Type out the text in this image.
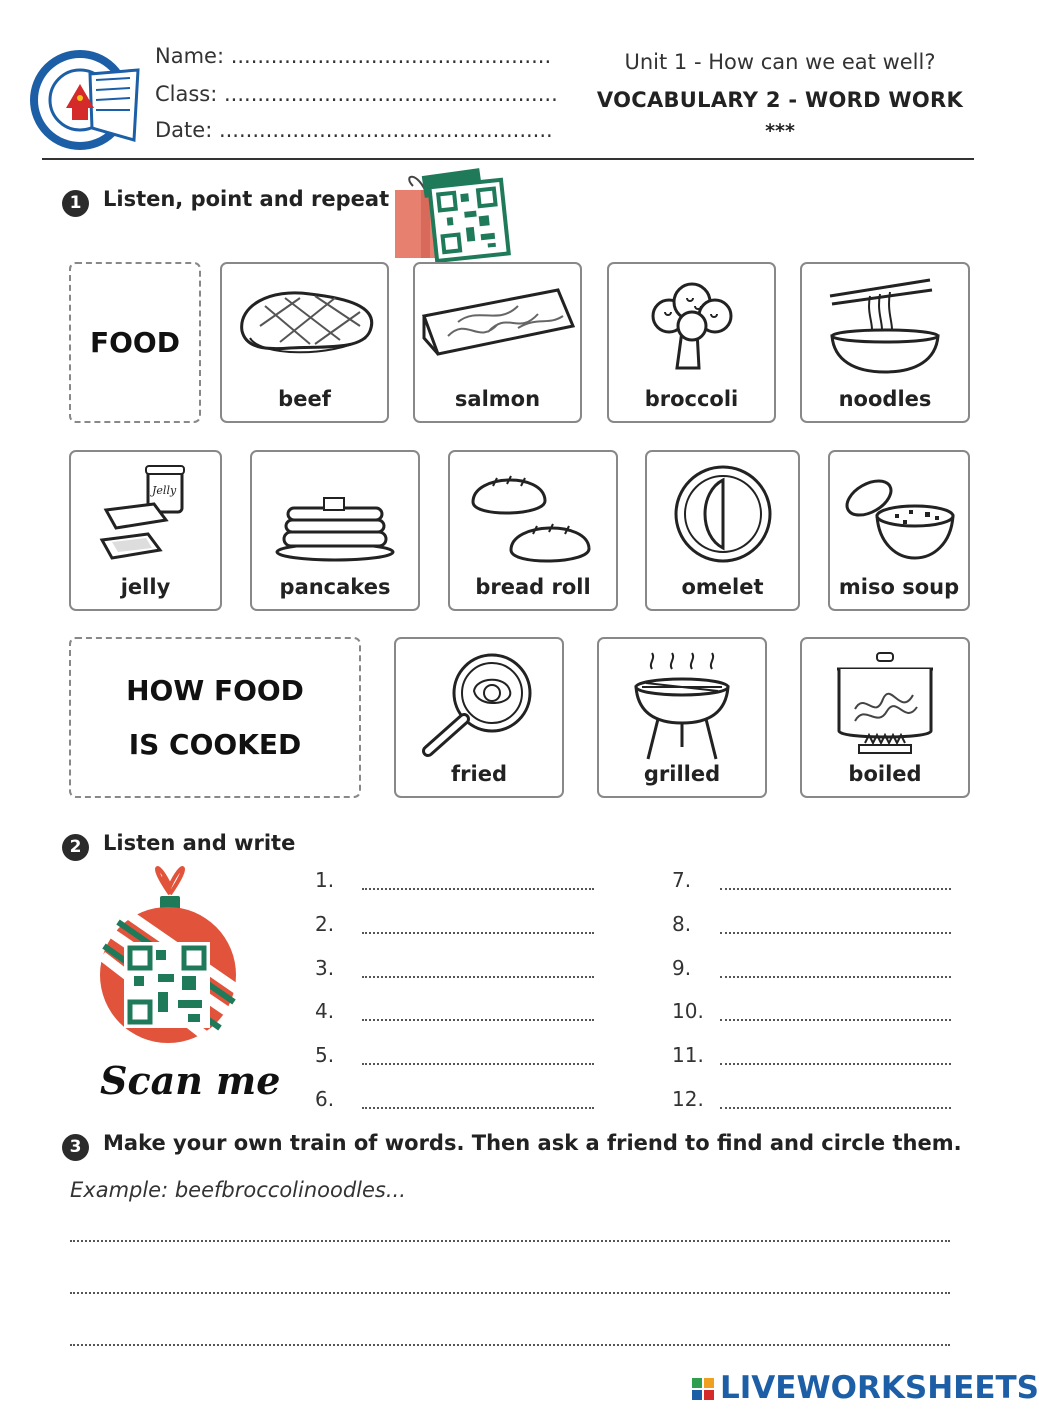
Name: ................................................
Class: ..................................................
Date: ..................................................
Unit 1 - How can we eat well?
VOCABULARY 2 - WORD WORK
***
1	Listen, point and repeat
FOOD
beef	salmon	broccoli	noodles
Jelly
jelly	pancakes	bread roll	omelet	miso soup
HOW FOOD
IS COOKED
fried	grilled	boiled
2	Listen and write
Scan me
1.
2.
3.
4.
5.
6.
7.
8.
9.
10.
11.
12.
3	Make your own train of words. Then ask a friend to find and circle them.
Example: beefbroccolinoodles...
LIVEWORKSHEETS
